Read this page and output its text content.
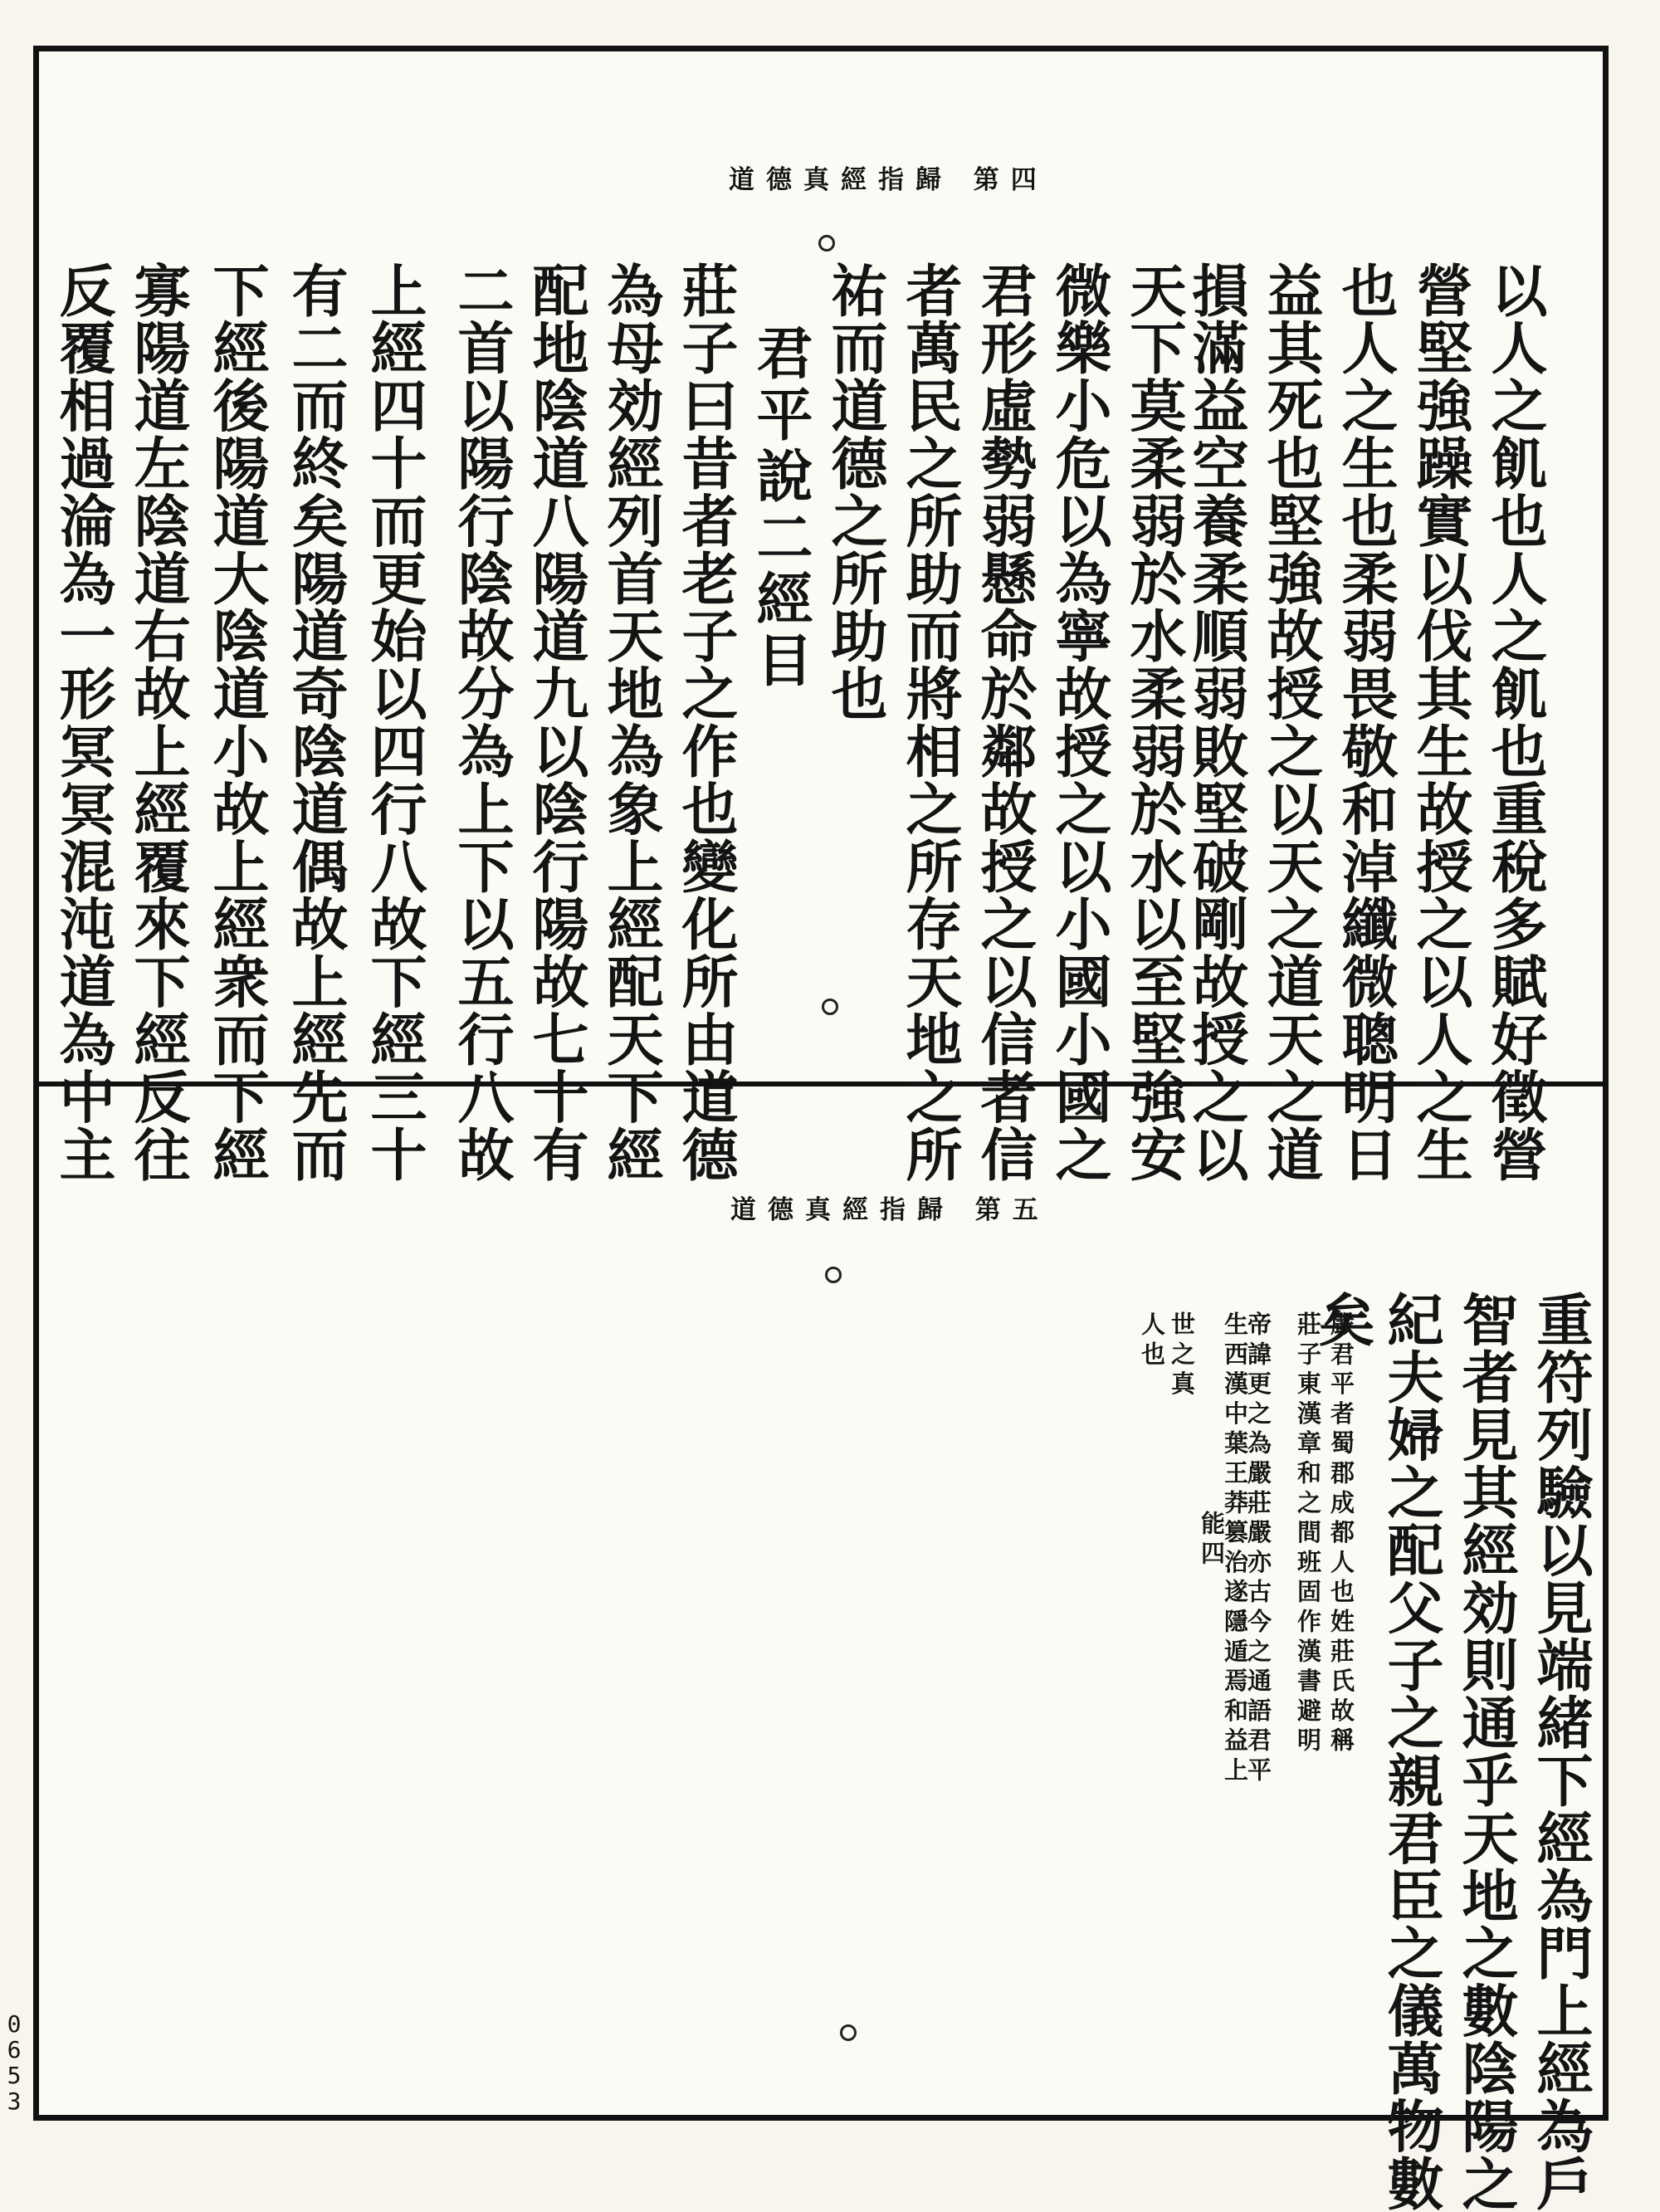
道德真經指歸 第四
以人之飢也人之飢也重稅多賦好徵營
營堅強躁實以伐其生故授之以人之生
也人之生也柔弱畏敬和淖纖微聰明日
益其死也堅強故授之以天之道天之道
損滿益空養柔順弱敗堅破剛故授之以
天下莫柔弱於水柔弱於水以至堅強安
微樂小危以為寧故授之以小國小國之
君形虛勢弱懸命於鄰故授之以信者信
者萬民之所助而將相之所存天地之所
祐而道德之所助也
君平說二經目
莊子曰昔者老子之作也變化所由道德
為母効經列首天地為象上經配天下經
配地陰道八陽道九以陰行陽故七十有
二首以陽行陰故分為上下以五行八故
上經四十而更始以四行八故下經三十
有二而終矣陽道奇陰道偶故上經先而
下經後陽道大陰道小故上經衆而下經
寡陽道左陰道右故上經覆來下經反往
反覆相過淪為一形冥冥混沌道為中主
道德真經指歸 第五
重符列驗以見端緒下經為門上經為戶
智者見其經効則通乎天地之數陰陽之
紀夫婦之配父子之親君臣之儀萬物數
矣
嚴君平者蜀郡成都人也姓莊氏故稱
莊子東漢章和之間班固作漢書避明
帝諱更之為嚴莊嚴亦古今之通語君平
生西漢中葉王莽篡治遂隱遁焉和益上
能四
世之真
人也
0653
